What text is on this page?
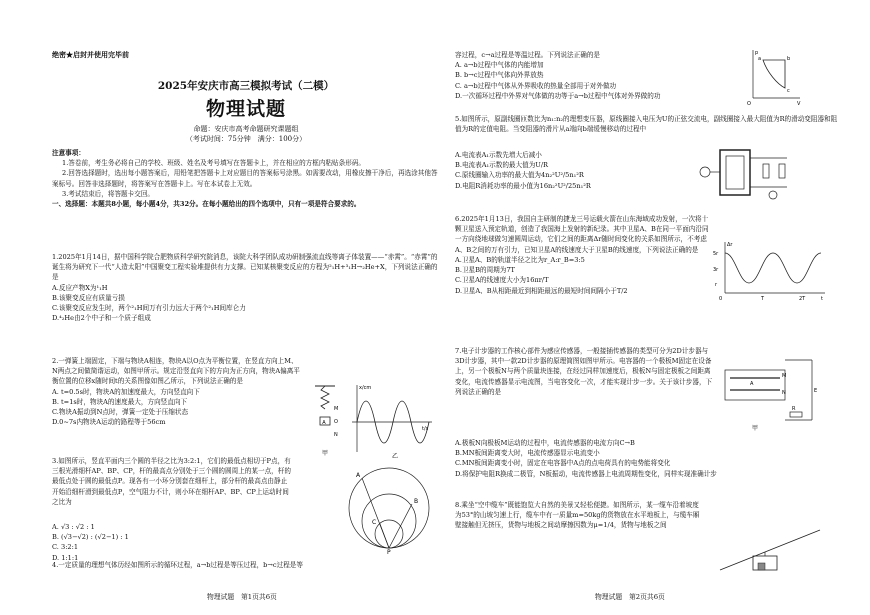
绝密★启封并使用完毕前
2025年安庆市高三模拟考试（二模）
物理试题
命题：安庆市高考命题研究课题组
（考试时间：75分钟　满分：100分）

注意事项：

1.答卷前，考生务必将自己的学校、班级、姓名及考号填写在答题卡上，并在相应的方框内粘贴条形码。

2.回答选择题时，选出每小题答案后，用铅笔把答题卡上对应题目的答案标号涂黑。如需要改动，用橡皮擦干净后，再选涂其他答案标号。回答非选择题时，将答案写在答题卡上。写在本试卷上无效。

3.考试结束后，将答题卡交回。

一、选择题：本题共8小题，每小题4分，共32分。在每小题给出的四个选项中，只有一项是符合要求的。

1.2025年1月14日，据中国科学院合肥物质科学研究院消息，该院大科学团队成功研制强流直线等离子体装置——“赤霄”。“赤霄”的诞生将为研究下一代“人造太阳”中国聚变工程实验堆提供有力支撑。已知某核聚变反应的方程为²₁H+³₁H→₂He+X，下列说法正确的是

A.反应产物X为¹₁H

B.该聚变反应有质量亏损

C.该聚变反应发生时，两个²₁H间万有引力远大于两个²₁H间库仑力

D.⁴₂He由2个中子和一个质子组成

2.一弹簧上端固定，下端与物块A相连，物块A以O点为平衡位置，在竖直方向上M、N两点之间做简谐运动，如图甲所示。规定沿竖直向下的方向为正方向，物块A偏离平衡位置的位移x随时间t的关系图像如图乙所示，下列说法正确的是

A. t=0.5s时，物块A的加速度最大，方向竖直向下

B. t=1s时，物块A的速度最大，方向竖直向下

C.物块A振动到N点时，弹簧一定处于压缩状态

D.0~7s内物块A运动的路程等于56cm	A
M
O
N
甲
x/cm
t/s
乙

3.如图所示，竖直平面内三个圆的半径之比为3:2:1，它们的最低点相切于P点，有三根光滑细杆AP、BP、CP，杆的最高点分别处于三个圆的圆周上的某一点，杆的最低点处于圆的最低点P。现各有一小环分别套在细杆上，部分杆的最高点由静止开始沿细杆滑到最低点P，空气阻力不计，则小环在细杆AP、BP、CP上运动时间之比为

A. √3 : √2 : 1

B. (√3−√2) : (√2−1) : 1

C. 3:2:1

D. 1:1:1

A
B
C
P

4.一定质量的理想气体历经如图所示的循环过程，a→b过程是等压过程，b→c过程是等

物理试题　第1页共6页

容过程，c→a过程是等温过程。下列说法正确的是

A. a→b过程中气体的内能增加

B. b→c过程中气体向外界放热

C. a→b过程中气体从外界吸收的热量全部用于对外做功

D.一次循环过程中外界对气体做的功等于a→b过程中气体对外界做的功

p
V
O
a	b
c

5.如图所示，原副线圈匝数比为n₁:n₂的理想变压器，原线圈接入电压为U的正弦交流电，副线圈接入最大阻值为R的滑动变阻器和阻值为R的定值电阻。当变阻器的滑片从a端向b端缓慢移动的过程中

A.电流表A₁示数先增大后减小

B.电流表A₁示数的最大值为U/R

C.原线圈输入功率的最大值为4n₂²U²/5n₁²R

D.电阻R消耗功率的最小值为16n₂²U²/25n₁²R

6.2025年1月13日，我国自主研制的捷龙三号运载火箭在山东海域成功发射，一次将十颗卫星送入预定轨道，创造了我国海上发射的新纪录。其中卫星A、B在同一平面内沿同一方向绕地球做匀速圆周运动，它们之间的距离Δr随时间变化的关系如图所示，不考虑A、B之间的万有引力，已知卫星A的线速度大于卫星B的线速度，下列说法正确的是

A.卫星A、B的轨道半径之比为r_A:r_B=3:5

B.卫星B的周期为7T

C.卫星A的线速度大小为16πr/T

D.卫星A、B从相距最近到相距最远的最短时间间隔小于T/2

Δr
t
0
5r
3r
r
T	2T

7.电子计步器的工作核心部件为感应传感器，一般接插传感器的类型可分为2D计步器与3D计步器，其中一款2D计步器的原理简图如图甲所示。电容器的一个极板M固定在设备上，另一个极板N与两个质量块连接，在经过同样加速度后，极板N与固定极板之间距离变化，电流传感器显示电流图，当电容变化一次，才能实现计步一步。关于该计步器，下列说法正确的是

A.极板N向极板M运动的过程中，电流传感器的电流方向C→B

B.MN板间距离变大时，电流传感器显示电流变小

C.MN板间距离变小时，固定在电容器中A点的点电荷具有的电势能将变化

D.将保护电阻R换成二极管，N板振动，电流传感器上电流周期性变化，同样实现准确计步

M
N
A
E
R
甲

8.乘坐“空中缆车”既能饱览大自然的美景又轻松便捷。如图所示，某一缆车沿着坡度为53°的山坡匀速上行，缆车中有一质量m=50kg的货物放在水平地板上，与缆车厢壁接触但无挤压，货物与地板之间动摩擦因数为μ=1/4，货物与地板之间

物理试题　第2页共6页
